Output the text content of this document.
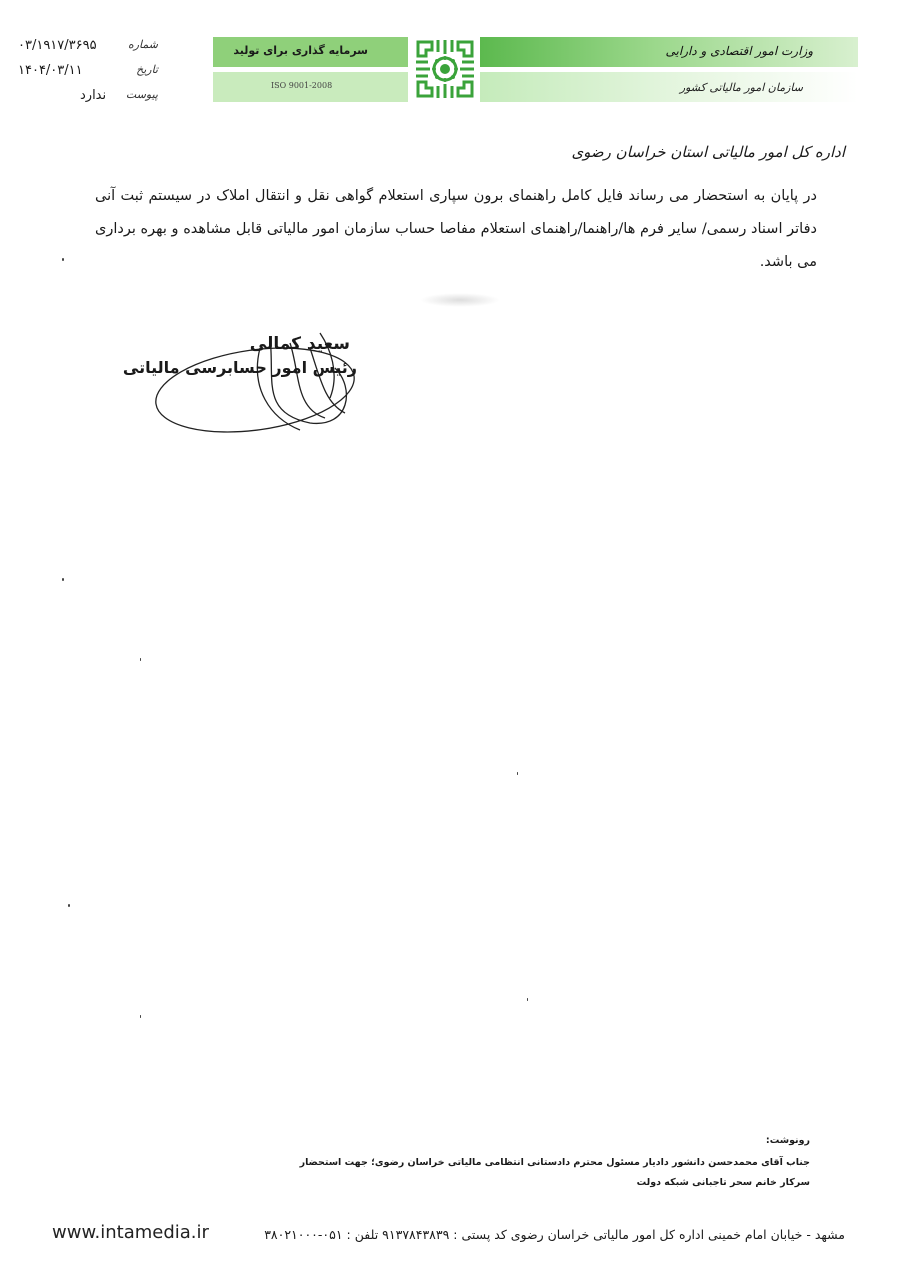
۰۳/۱۹۱۷/۳۶۹۵	شماره
۱۴۰۴/۰۳/۱۱	تاریخ
ندارد پیوست
سرمایه گذاری برای تولید
ISO 9001-2008
وزارت امور اقتصادی و دارایی
سازمان امور مالیاتی کشور
اداره کل امور مالیاتی استان خراسان رضوی
در پایان به استحضار می رساند فایل کامل راهنمای برون سپاری استعلام گواهی نقل و انتقال املاک در سیستم ثبت آنی دفاتر اسناد رسمی/ سایر فرم ها/راهنما/راهنمای استعلام مفاصا حساب سازمان امور مالیاتی قابل مشاهده و بهره برداری می باشد.
سعید کمالی
رئیس امور حسابرسی مالیاتی
رونوشت:
جناب آقای محمدحسن دانشور دادیار مسئول محترم دادستانی انتظامی مالیاتی خراسان رضوی؛ جهت استحضار
سرکار خانم سحر تاجبانی شبکه دولت
www.intamedia.ir	مشهد - خیابان امام خمینی اداره کل امور مالیاتی خراسان رضوی کد پستی : ۹۱۳۷۸۴۳۸۳۹ تلفن : ۰۵۱-۳۸۰۲۱۰۰۰
